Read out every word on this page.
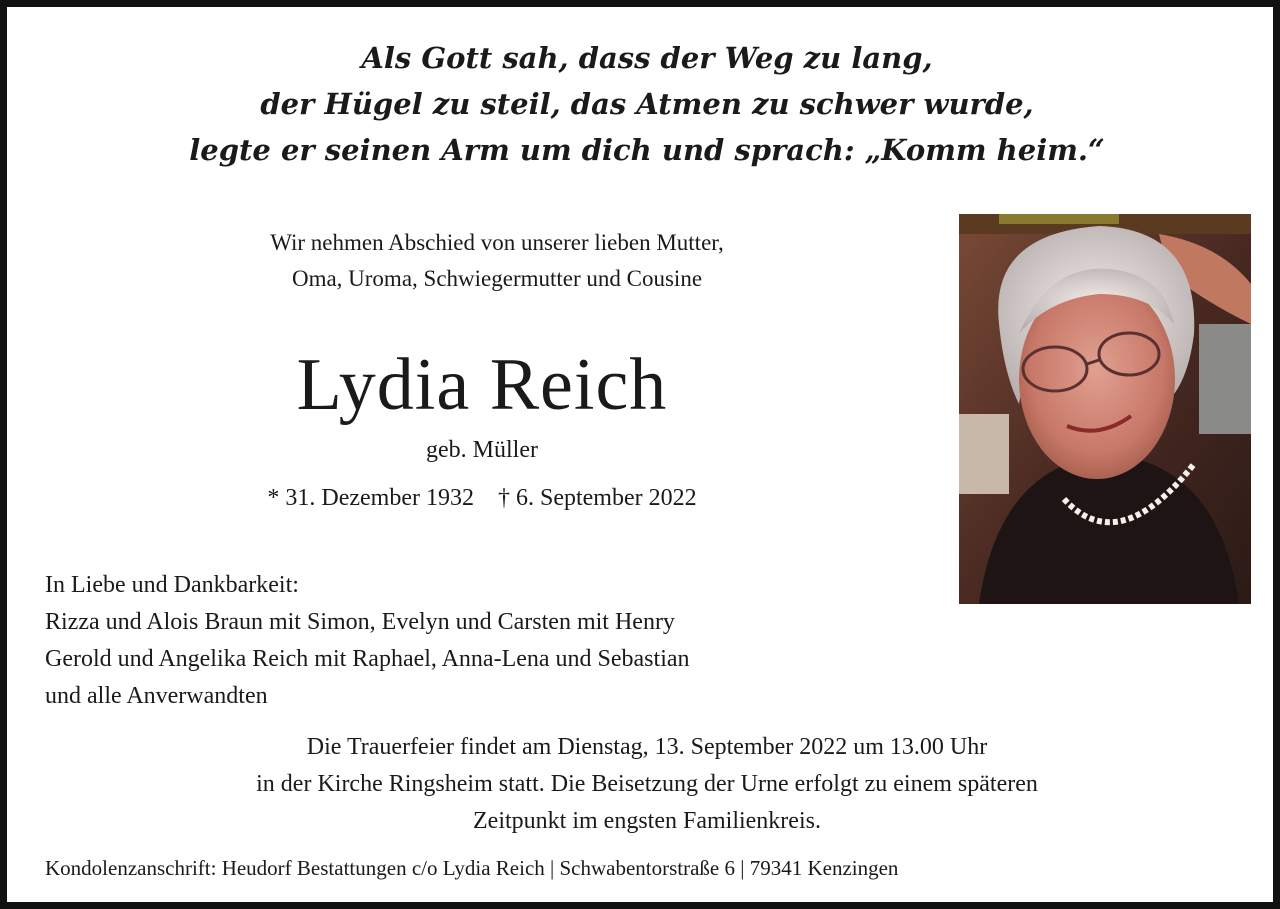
Als Gott sah, dass der Weg zu lang,
der Hügel zu steil, das Atmen zu schwer wurde,
legte er seinen Arm um dich und sprach: „Komm heim.“
Wir nehmen Abschied von unserer lieben Mutter,
Oma, Uroma, Schwiegermutter und Cousine
Lydia Reich
geb. Müller
* 31. Dezember 1932 † 6. September 2022
In Liebe und Dankbarkeit:
Rizza und Alois Braun mit Simon, Evelyn und Carsten mit Henry
Gerold und Angelika Reich mit Raphael, Anna-Lena und Sebastian
und alle Anverwandten
Die Trauerfeier findet am Dienstag, 13. September 2022 um 13.00 Uhr
in der Kirche Ringsheim statt. Die Beisetzung der Urne erfolgt zu einem späteren
Zeitpunkt im engsten Familienkreis.
Kondolenzanschrift: Heudorf Bestattungen c/o Lydia Reich | Schwabentorstraße 6 | 79341 Kenzingen
